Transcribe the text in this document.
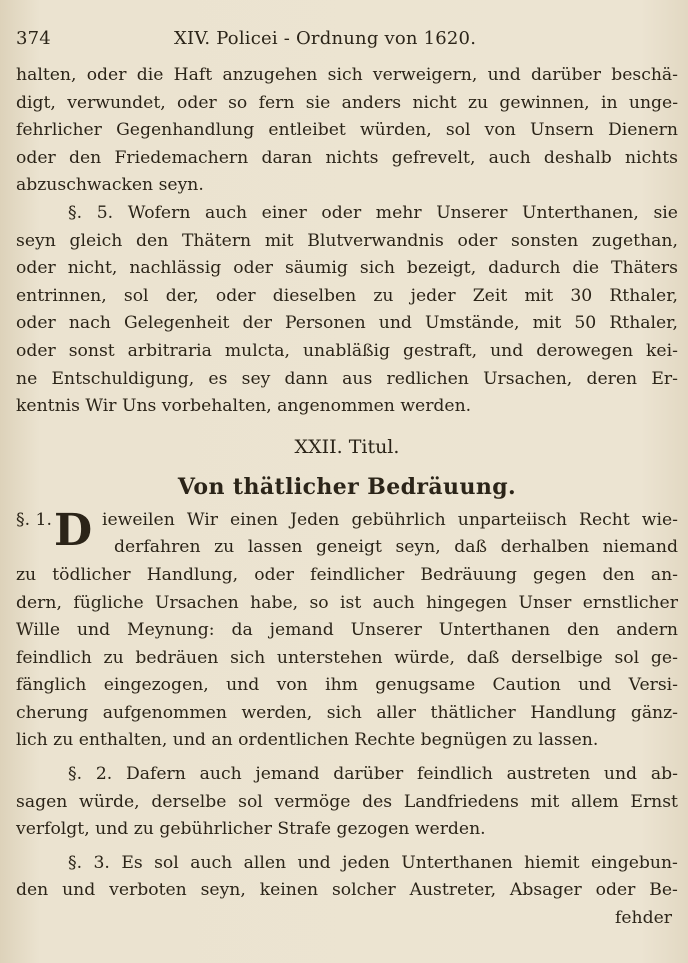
374	XIV. Policei - Ordnung von 1620.
halten, oder die Haft anzugehen sich verweigern, und darüber beschä-
digt, verwundet, oder so fern sie anders nicht zu gewinnen, in unge-
fehrlicher Gegenhandlung entleibet würden, sol von Unsern Dienern
oder den Friedemachern daran nichts gefrevelt, auch deshalb nichts
abzuschwacken seyn.
§. 5. Wofern auch einer oder mehr Unserer Unterthanen, sie
seyn gleich den Thätern mit Blutverwandnis oder sonsten zugethan,
oder nicht, nachlässig oder säumig sich bezeigt, dadurch die Thäters
entrinnen, sol der, oder dieselben zu jeder Zeit mit 30 Rthaler,
oder nach Gelegenheit der Personen und Umstände, mit 50 Rthaler,
oder sonst arbitraria mulcta, unabläßig gestraft, und derowegen kei-
ne Entschuldigung, es sey dann aus redlichen Ursachen, deren Er-
kentnis Wir Uns vorbehalten, angenommen werden.
XXII. Titul.
Von thätlicher Bedräuung.
§. 1. D ieweilen Wir einen Jeden gebührlich unparteiisch Recht wie-
derfahren zu lassen geneigt seyn, daß derhalben niemand
zu tödlicher Handlung, oder feindlicher Bedräuung gegen den an-
dern, fügliche Ursachen habe, so ist auch hingegen Unser ernstlicher
Wille und Meynung: da jemand Unserer Unterthanen den andern
feindlich zu bedräuen sich unterstehen würde, daß derselbige sol ge-
fänglich eingezogen, und von ihm genugsame Caution und Versi-
cherung aufgenommen werden, sich aller thätlicher Handlung gänz-
lich zu enthalten, und an ordentlichen Rechte begnügen zu lassen.
§. 2. Dafern auch jemand darüber feindlich austreten und ab-
sagen würde, derselbe sol vermöge des Landfriedens mit allem Ernst
verfolgt, und zu gebührlicher Strafe gezogen werden.
§. 3. Es sol auch allen und jeden Unterthanen hiemit eingebun-
den und verboten seyn, keinen solcher Austreter, Absager oder Be-
fehder
